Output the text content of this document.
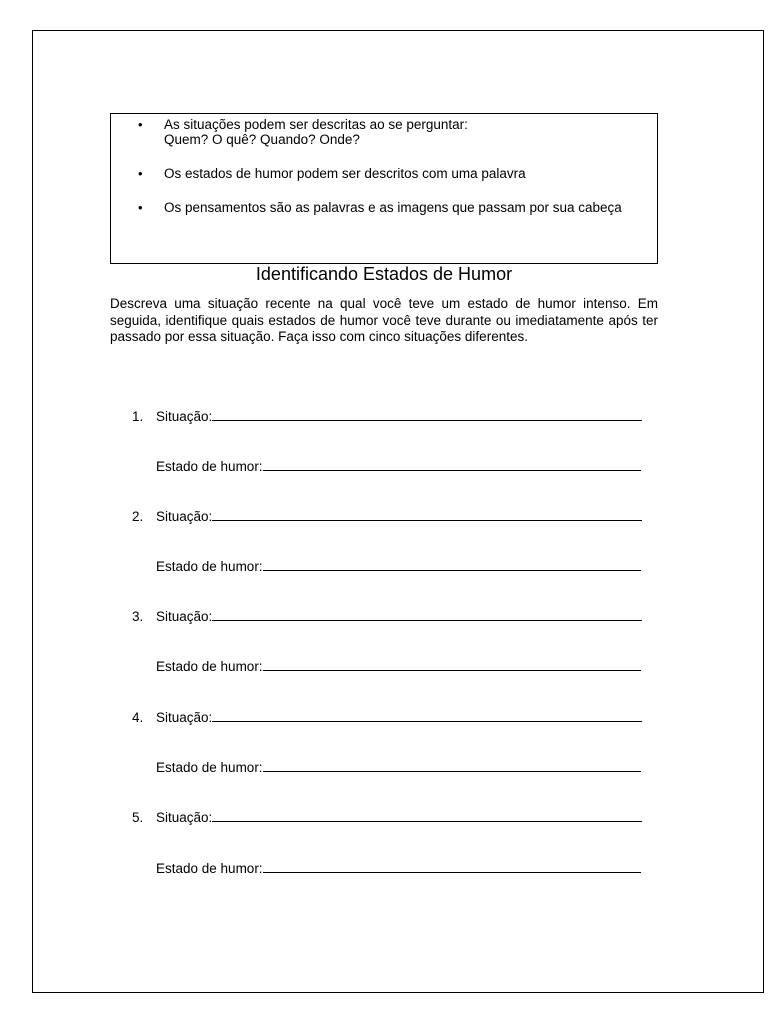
• As situações podem ser descritas ao se perguntar:
Quem? O quê? Quando? Onde?
• Os estados de humor podem ser descritos com uma palavra
• Os pensamentos são as palavras e as imagens que passam por sua cabeça
Identificando Estados de Humor
Descreva uma situação recente na qual você teve um estado de humor intenso. Em seguida, identifique quais estados de humor você teve durante ou imediatamente após ter passado por essa situação. Faça isso com cinco situações diferentes.
1. Situação:
Estado de humor:
2. Situação:
Estado de humor:
3. Situação:
Estado de humor:
4. Situação:
Estado de humor:
5. Situação:
Estado de humor:
